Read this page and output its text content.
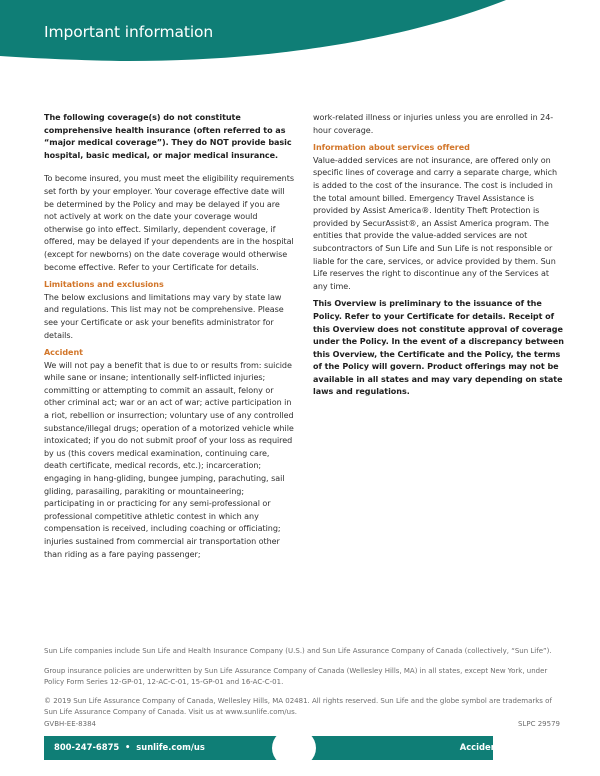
Important information

The following coverage(s) do not constitute comprehensive health insurance (often referred to as “major medical coverage”). They do NOT provide basic hospital, basic medical, or major medical insurance.

To become insured, you must meet the eligibility requirements set forth by your employer. Your coverage effective date will be determined by the Policy and may be delayed if you are not actively at work on the date your coverage would otherwise go into effect. Similarly, dependent coverage, if offered, may be delayed if your dependents are in the hospital (except for newborns) on the date coverage would otherwise become effective. Refer to your Certificate for details.

Limitations and exclusions

The below exclusions and limitations may vary by state law and regulations. This list may not be comprehensive. Please see your Certificate or ask your benefits administrator for details.

Accident

We will not pay a benefit that is due to or results from: suicide while sane or insane; intentionally self-inflicted injuries; committing or attempting to commit an assault, felony or other criminal act; war or an act of war; active participation in a riot, rebellion or insurrection; voluntary use of any controlled substance/illegal drugs; operation of a motorized vehicle while intoxicated; if you do not submit proof of your loss as required by us (this covers medical examination, continuing care, death certificate, medical records, etc.); incarceration; engaging in hang-gliding, bungee jumping, parachuting, sail gliding, parasailing, parakiting or mountaineering; participating in or practicing for any semi-professional or professional competitive athletic contest in which any compensation is received, including coaching or officiating; injuries sustained from commercial air transportation other than riding as a fare paying passenger;

work-related illness or injuries unless you are enrolled in 24-hour coverage.

Information about services offered

Value-added services are not insurance, are offered only on specific lines of coverage and carry a separate charge, which is added to the cost of the insurance. The cost is included in the total amount billed. Emergency Travel Assistance is provided by Assist America®. Identity Theft Protection is provided by SecurAssist®, an Assist America program. The entities that provide the value-added services are not subcontractors of Sun Life and Sun Life is not responsible or liable for the care, services, or advice provided by them. Sun Life reserves the right to discontinue any of the Services at any time.

This Overview is preliminary to the issuance of the Policy. Refer to your Certificate for details. Receipt of this Overview does not constitute approval of coverage under the Policy. In the event of a discrepancy between this Overview, the Certificate and the Policy, the terms of the Policy will govern. Product offerings may not be available in all states and may vary depending on state laws and regulations.

Sun Life companies include Sun Life and Health Insurance Company (U.S.) and Sun Life Assurance Company of Canada (collectively, “Sun Life”).

Group insurance policies are underwritten by Sun Life Assurance Company of Canada (Wellesley Hills, MA) in all states, except New York, under Policy Form Series 12-GP-01, 12-AC-C-01, 15-GP-01 and 16-AC-C-01.

© 2019 Sun Life Assurance Company of Canada, Wellesley Hills, MA 02481. All rights reserved. Sun Life and the globe symbol are trademarks of Sun Life Assurance Company of Canada. Visit us at www.sunlife.com/us.

GVBH-EE-8384	SLPC 29579
800-247-6875  •  sunlife.com/us	Accident Insurance
